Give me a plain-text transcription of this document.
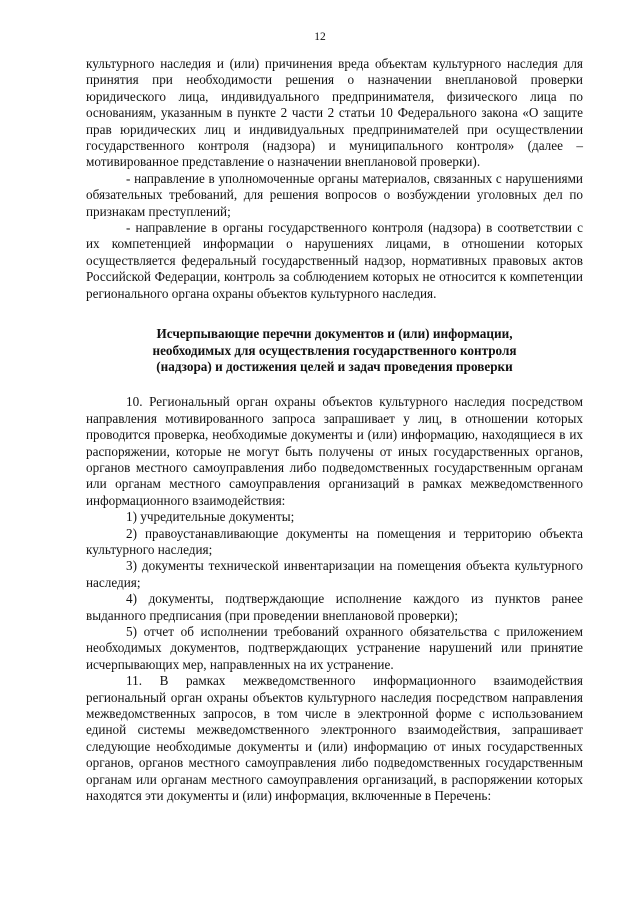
12

культурного наследия и (или) причинения вреда объектам культурного наследия для принятия при необходимости решения о назначении внеплановой проверки юридического лица, индивидуального предпринимателя, физического лица по основаниям, указанным в пункте 2 части 2 статьи 10 Федерального закона «О защите прав юридических лиц и индивидуальных предпринимателей при осуществлении государственного контроля (надзора) и муниципального контроля» (далее – мотивированное представление о назначении внеплановой проверки).

- направление в уполномоченные органы материалов, связанных с нарушениями обязательных требований, для решения вопросов о возбуждении уголовных дел по признакам преступлений;

- направление в органы государственного контроля (надзора) в соответствии с их компетенцией информации о нарушениях лицами, в отношении которых осуществляется федеральный государственный надзор, нормативных правовых актов Российской Федерации, контроль за соблюдением которых не относится к компетенции регионального органа охраны объектов культурного наследия.

Исчерпывающие перечни документов и (или) информации,

необходимых для осуществления государственного контроля

(надзора) и достижения целей и задач проведения проверки

10. Региональный орган охраны объектов культурного наследия посредством направления мотивированного запроса запрашивает у лиц, в отношении которых проводится проверка, необходимые документы и (или) информацию, находящиеся в их распоряжении, которые не могут быть получены от иных государственных органов, органов местного самоуправления либо подведомственных государственным органам или органам местного самоуправления организаций в рамках межведомственного информационного взаимодействия:

1) учредительные документы;

2) правоустанавливающие документы на помещения и территорию объекта культурного наследия;

3) документы технической инвентаризации на помещения объекта культурного наследия;

4) документы, подтверждающие исполнение каждого из пунктов ранее выданного предписания (при проведении внеплановой проверки);

5) отчет об исполнении требований охранного обязательства с приложением необходимых документов, подтверждающих устранение нарушений или принятие исчерпывающих мер, направленных на их устранение.

11. В рамках межведомственного информационного взаимодействия региональный орган охраны объектов культурного наследия посредством направления межведомственных запросов, в том числе в электронной форме с использованием единой системы межведомственного электронного взаимодействия, запрашивает следующие необходимые документы и (или) информацию от иных государственных органов, органов местного самоуправления либо подведомственных государственным органам или органам местного самоуправления организаций, в распоряжении которых находятся эти документы и (или) информация, включенные в Перечень:
